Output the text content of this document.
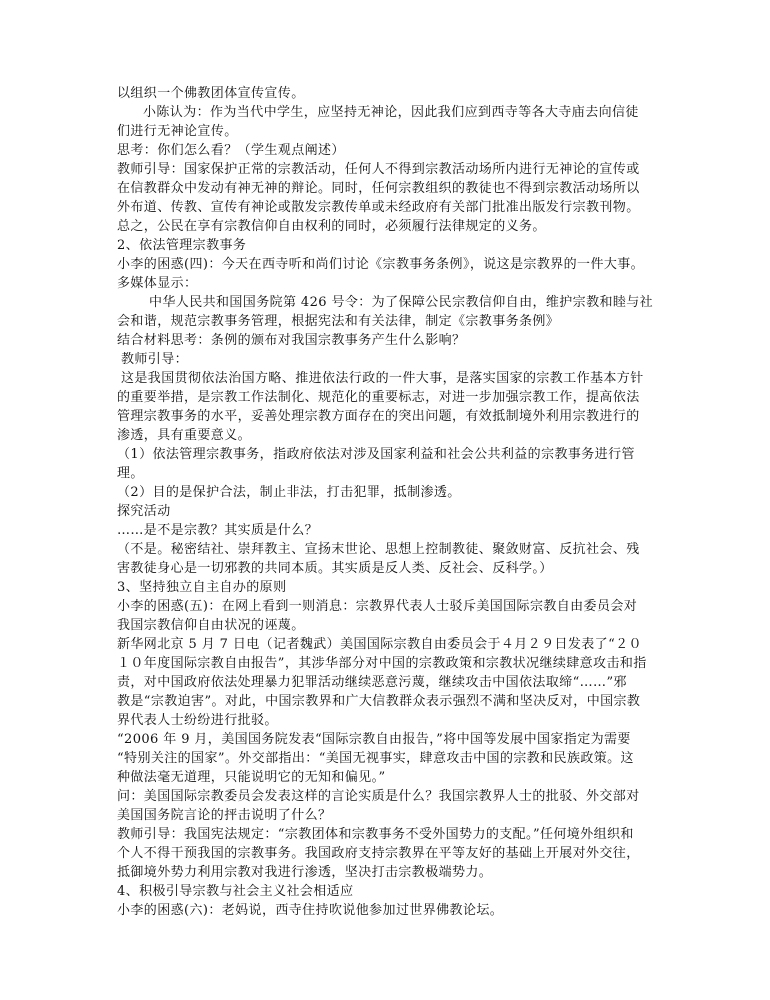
以组织一个佛教团体宣传宣传。
小陈认为：作为当代中学生，应坚持无神论，因此我们应到西寺等各大寺庙去向信徒
们进行无神论宣传。
思考：你们怎么看？（学生观点阐述）
教师引导：国家保护正常的宗教活动，任何人不得到宗教活动场所内进行无神论的宣传或
在信教群众中发动有神无神的辩论。同时，任何宗教组织的教徒也不得到宗教活动场所以
外布道、传教、宣传有神论或散发宗教传单或未经政府有关部门批准出版发行宗教刊物。
总之，公民在享有宗教信仰自由权利的同时，必须履行法律规定的义务。
2、依法管理宗教事务
小李的困惑(四)：今天在西寺听和尚们讨论《宗教事务条例》，说这是宗教界的一件大事。
多媒体显示：
中华人民共和国国务院第 426 号令：为了保障公民宗教信仰自由，维护宗教和睦与社
会和谐，规范宗教事务管理，根据宪法和有关法律，制定《宗教事务条例》
结合材料思考：条例的颁布对我国宗教事务产生什么影响？
教师引导：
这是我国贯彻依法治国方略、推进依法行政的一件大事，是落实国家的宗教工作基本方针
的重要举措，是宗教工作法制化、规范化的重要标志，对进一步加强宗教工作，提高依法
管理宗教事务的水平，妥善处理宗教方面存在的突出问题，有效抵制境外利用宗教进行的
渗透，具有重要意义。
（1）依法管理宗教事务，指政府依法对涉及国家利益和社会公共利益的宗教事务进行管
理。
（2）目的是保护合法，制止非法，打击犯罪，抵制渗透。
探究活动
……是不是宗教？其实质是什么？
（不是。秘密结社、崇拜教主、宣扬末世论、思想上控制教徒、聚敛财富、反抗社会、残
害教徒身心是一切邪教的共同本质。其实质是反人类、反社会、反科学。）
3、坚持独立自主自办的原则
小李的困惑(五)：在网上看到一则消息：宗教界代表人士驳斥美国国际宗教自由委员会对
我国宗教信仰自由状况的诬蔑。
新华网北京 5 月 7 日电（记者魏武）美国国际宗教自由委员会于４月２９日发表了“２０
１０年度国际宗教自由报告”，其涉华部分对中国的宗教政策和宗教状况继续肆意攻击和指
责，对中国政府依法处理暴力犯罪活动继续恶意污蔑，继续攻击中国依法取缔“……”邪
教是“宗教迫害”。对此，中国宗教界和广大信教群众表示强烈不满和坚决反对，中国宗教
界代表人士纷纷进行批驳。
“2006 年 9 月，美国国务院发表“国际宗教自由报告，”将中国等发展中国家指定为需要
“特别关注的国家”。外交部指出：“美国无视事实，肆意攻击中国的宗教和民族政策。这
种做法毫无道理，只能说明它的无知和偏见。”
问：美国国际宗教委员会发表这样的言论实质是什么？我国宗教界人士的批驳、外交部对
美国国务院言论的抨击说明了什么？
教师引导：我国宪法规定：“宗教团体和宗教事务不受外国势力的支配。”任何境外组织和
个人不得干预我国的宗教事务。我国政府支持宗教界在平等友好的基础上开展对外交往，
抵御境外势力利用宗教对我进行渗透，坚决打击宗教极端势力。
4、积极引导宗教与社会主义社会相适应
小李的困惑(六)：老妈说，西寺住持吹说他参加过世界佛教论坛。
